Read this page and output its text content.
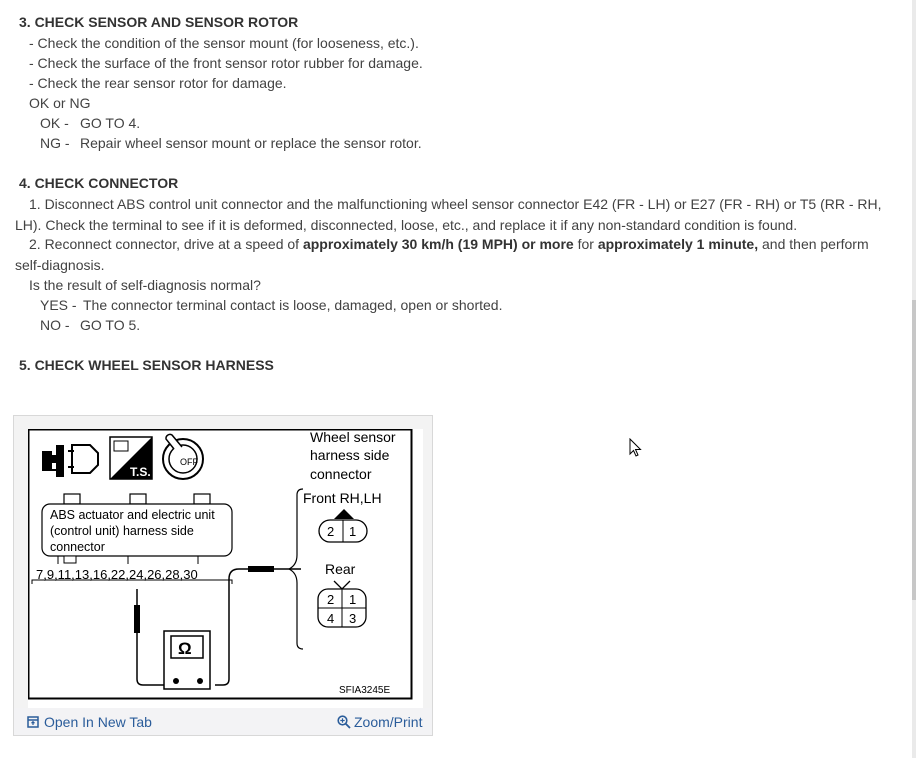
3. CHECK SENSOR AND SENSOR ROTOR
- Check the condition of the sensor mount (for looseness, etc.).
- Check the surface of the front sensor rotor rubber for damage.
- Check the rear sensor rotor for damage.
OK or NG
OK - GO TO 4.
NG - Repair wheel sensor mount or replace the sensor rotor.
4. CHECK CONNECTOR
1. Disconnect ABS control unit connector and the malfunctioning wheel sensor connector E42 (FR - LH) or E27 (FR - RH) or T5 (RR - RH, LH). Check the terminal to see if it is deformed, disconnected, loose, etc., and replace it if any non-standard condition is found.
2. Reconnect connector, drive at a speed of approximately 30 km/h (19 MPH) or more for approximately 1 minute, and then perform self-diagnosis.
Is the result of self-diagnosis normal?
YES - The connector terminal contact is loose, damaged, open or shorted.
NO - GO TO 5.
5. CHECK WHEEL SENSOR HARNESS
T.S.
OFF
ABS actuator and electric unit
(control unit) harness side
connector
7,9,11,13,16,22,24,26,28,30
Wheel sensor
harness side
connector
Front RH,LH
2 1
Rear
2 1
4 3
Ω
SFIA3245E
Open In New Tab	Zoom/Print
